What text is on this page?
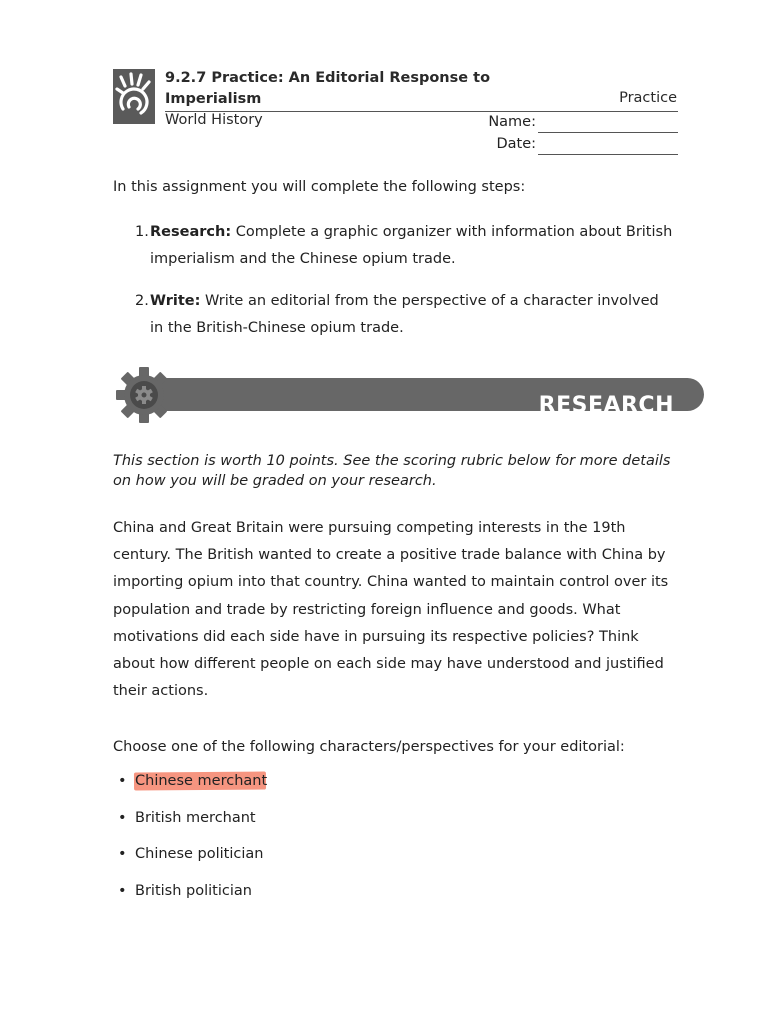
9.2.7 Practice: An Editorial Response to Imperialism	Practice
World History	Name:
Date:
In this assignment you will complete the following steps:
1. Research: Complete a graphic organizer with information about British imperialism and the Chinese opium trade.
2. Write: Write an editorial from the perspective of a character involved in the British-Chinese opium trade.
RESEARCH
This section is worth 10 points. See the scoring rubric below for more details on how you will be graded on your research.
China and Great Britain were pursuing competing interests in the 19th century. The British wanted to create a positive trade balance with China by importing opium into that country. China wanted to maintain control over its population and trade by restricting foreign influence and goods. What motivations did each side have in pursuing its respective policies? Think about how different people on each side may have understood and justified their actions.
Choose one of the following characters/perspectives for your editorial:
• Chinese merchant
• British merchant
• Chinese politician
• British politician
